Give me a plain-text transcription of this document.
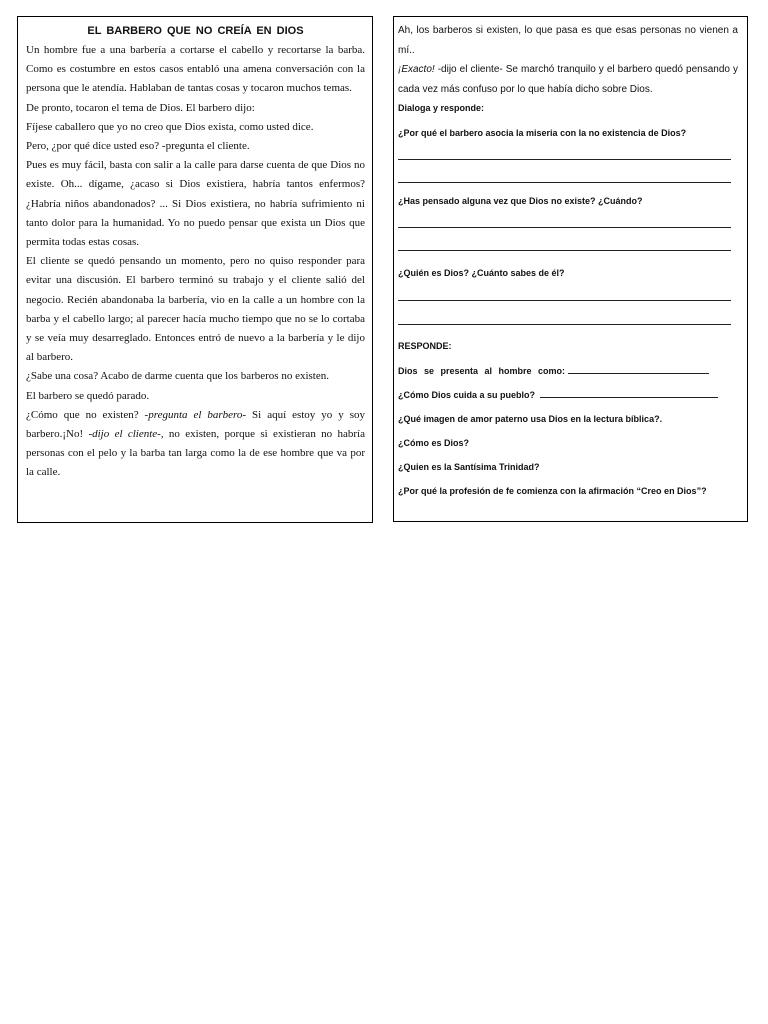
EL BARBERO QUE NO CREÍA EN DIOS

Un hombre fue a una barbería a cortarse el cabello y recortarse la barba. Como es costumbre en estos casos entabló una amena conversación con la persona que le atendía. Hablaban de tantas cosas y tocaron muchos temas.

De pronto, tocaron el tema de Dios. El barbero dijo:

Fíjese caballero que yo no creo que Dios exista, como usted dice.

Pero, ¿por qué dice usted eso? -pregunta el cliente.

Pues es muy fácil, basta con salir a la calle para darse cuenta de que Dios no existe. Oh... dígame, ¿acaso si Dios existiera, habría tantos enfermos? ¿Habría niños abandonados? ... Si Dios existiera, no habría sufrimiento ni tanto dolor para la humanidad. Yo no puedo pensar que exista un Dios que permita todas estas cosas.

El cliente se quedó pensando un momento, pero no quiso responder para evitar una discusión. El barbero terminó su trabajo y el cliente salió del negocio. Recién abandonaba la barbería, vio en la calle a un hombre con la barba y el cabello largo; al parecer hacía mucho tiempo que no se lo cortaba y se veía muy desarreglado. Entonces entró de nuevo a la barbería y le dijo al barbero.

¿Sabe una cosa? Acabo de darme cuenta que los barberos no existen.

El barbero se quedó parado.

¿Cómo que no existen? -pregunta el barbero- Si aquí estoy yo y soy barbero.¡No! -dijo el cliente-, no existen, porque si existieran no habría personas con el pelo y la barba tan larga como la de ese hombre que va por la calle.

Ah, los barberos si existen, lo que pasa es que esas personas no vienen a mí..

¡Exacto! -dijo el cliente- Se marchó tranquilo y el barbero quedó pensando y cada vez más confuso por lo que había dicho sobre Dios.

Dialoga y responde:
¿Por qué el barbero asocia la miseria con la no existencia de Dios?
¿Has pensado alguna vez que Dios no existe? ¿Cuándo?
¿Quién es Dios? ¿Cuánto sabes de él?
RESPONDE:
Dios se presenta al hombre como:
¿Cómo Dios cuida a su pueblo?
¿Qué imagen de amor paterno usa Dios en la lectura bíblica?.
¿Cómo es Dios?
¿Quien es la Santísima Trinidad?
¿Por qué la profesión de fe comienza con la afirmación “Creo en Dios”?
